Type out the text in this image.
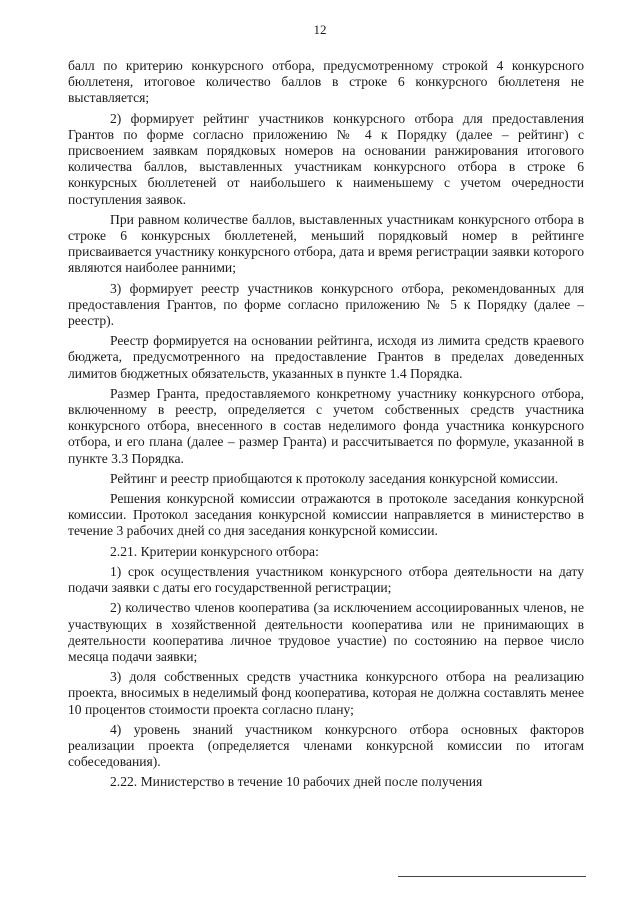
12

балл по критерию конкурсного отбора, предусмотренному строкой 4 конкурсного бюллетеня, итоговое количество баллов в строке 6 конкурсного бюллетеня не выставляется;

2) формирует рейтинг участников конкурсного отбора для предоставления Грантов по форме согласно приложению № 4 к Порядку (далее – рейтинг) с присвоением заявкам порядковых номеров на основании ранжирования итогового количества баллов, выставленных участникам конкурсного отбора в строке 6 конкурсных бюллетеней от наибольшего к наименьшему с учетом очередности поступления заявок.

При равном количестве баллов, выставленных участникам конкурсного отбора в строке 6 конкурсных бюллетеней, меньший порядковый номер в рейтинге присваивается участнику конкурсного отбора, дата и время регистрации заявки которого являются наиболее ранними;

3) формирует реестр участников конкурсного отбора, рекомендованных для предоставления Грантов, по форме согласно приложению № 5 к Порядку (далее – реестр).

Реестр формируется на основании рейтинга, исходя из лимита средств краевого бюджета, предусмотренного на предоставление Грантов в пределах доведенных лимитов бюджетных обязательств, указанных в пункте 1.4 Порядка.

Размер Гранта, предоставляемого конкретному участнику конкурсного отбора, включенному в реестр, определяется с учетом собственных средств участника конкурсного отбора, внесенного в состав неделимого фонда участника конкурсного отбора, и его плана (далее – размер Гранта) и рассчитывается по формуле, указанной в пункте 3.3 Порядка.

Рейтинг и реестр приобщаются к протоколу заседания конкурсной комиссии.

Решения конкурсной комиссии отражаются в протоколе заседания конкурсной комиссии. Протокол заседания конкурсной комиссии направляется в министерство в течение 3 рабочих дней со дня заседания конкурсной комиссии.

2.21. Критерии конкурсного отбора:

1) срок осуществления участником конкурсного отбора деятельности на дату подачи заявки с даты его государственной регистрации;

2) количество членов кооператива (за исключением ассоциированных членов, не участвующих в хозяйственной деятельности кооператива или не принимающих в деятельности кооператива личное трудовое участие) по состоянию на первое число месяца подачи заявки;

3) доля собственных средств участника конкурсного отбора на реализацию проекта, вносимых в неделимый фонд кооператива, которая не должна составлять менее 10 процентов стоимости проекта согласно плану;

4) уровень знаний участником конкурсного отбора основных факторов реализации проекта (определяется членами конкурсной комиссии по итогам собеседования).

2.22. Министерство в течение 10 рабочих дней после получения
